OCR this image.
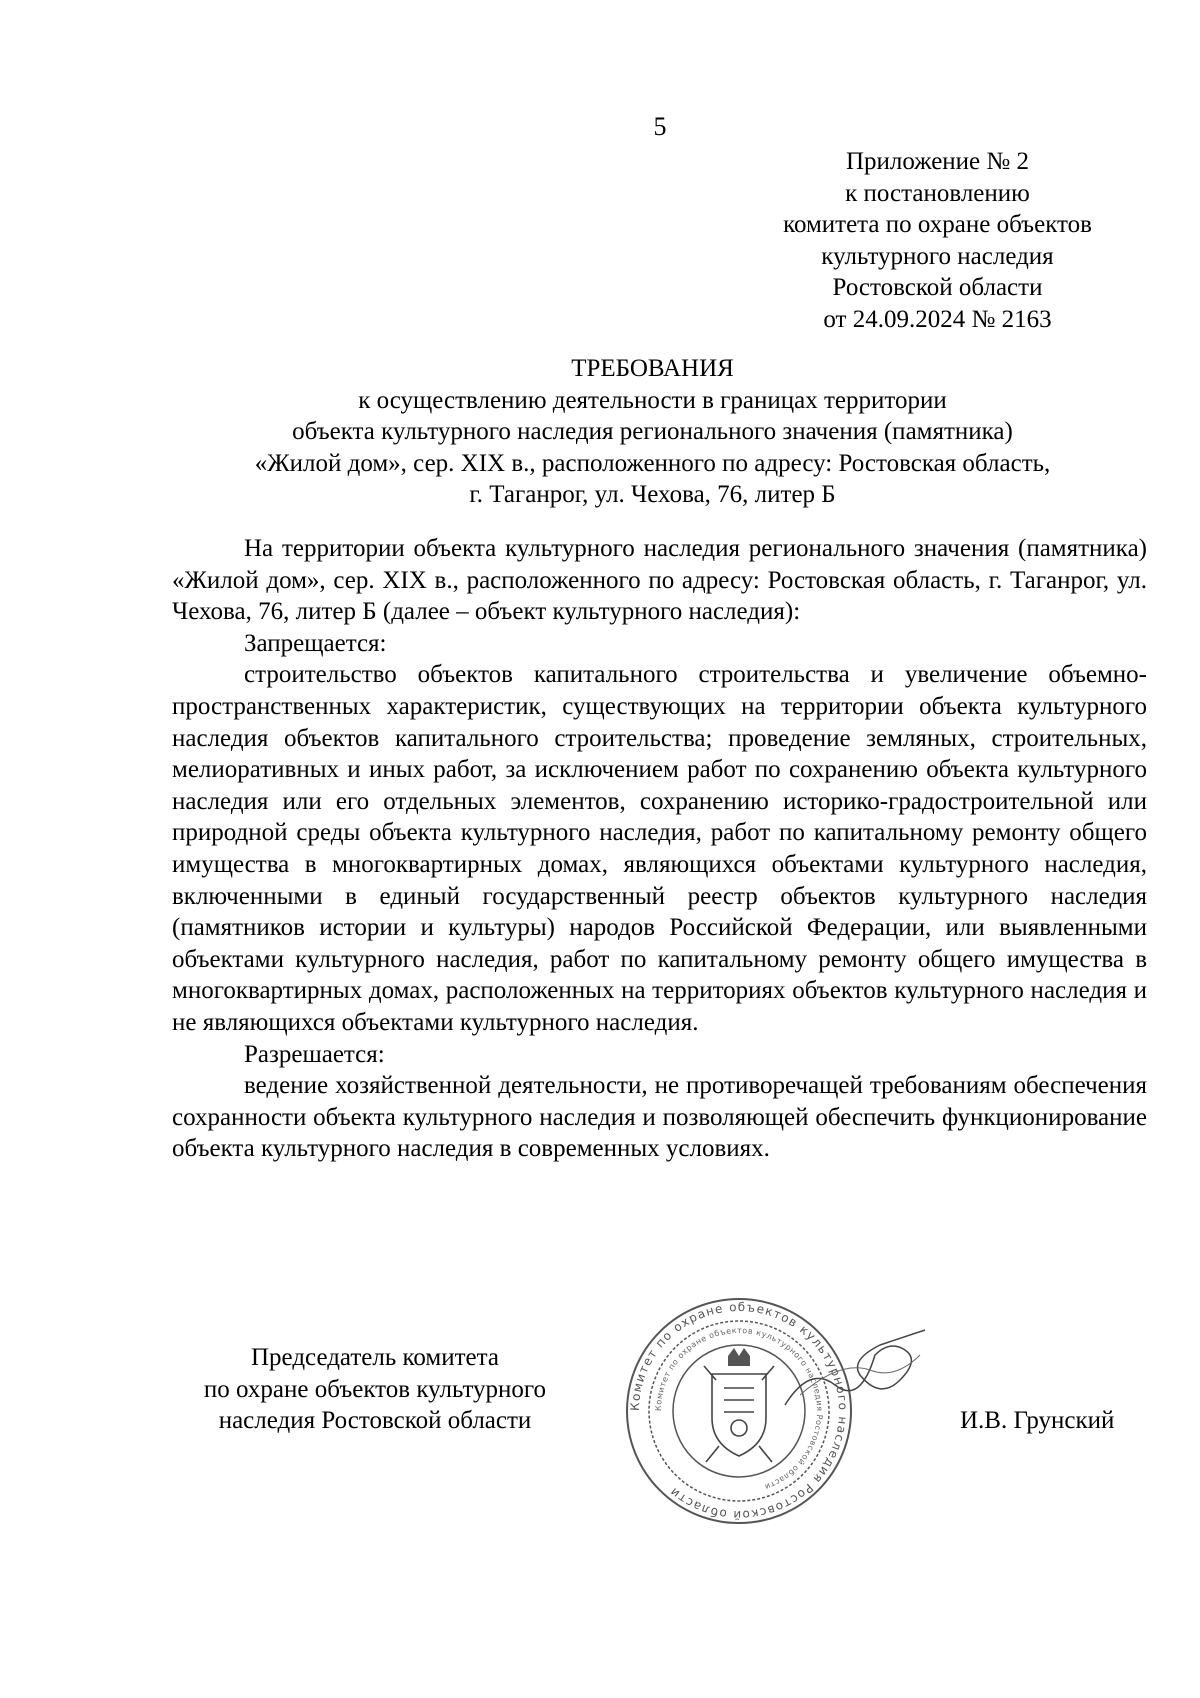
5
Приложение № 2
к постановлению
комитета по охране объектов
культурного наследия
Ростовской области
от 24.09.2024 № 2163
ТРЕБОВАНИЯ
к осуществлению деятельности в границах территории
объекта культурного наследия регионального значения (памятника)
«Жилой дом», сер. XIX в., расположенного по адресу: Ростовская область,
г. Таганрог, ул. Чехова, 76, литер Б

На территории объекта культурного наследия регионального значения (памятника) «Жилой дом», сер. XIX в., расположенного по адресу: Ростовская область, г. Таганрог, ул. Чехова, 76, литер Б (далее – объект культурного наследия):

Запрещается:

строительство объектов капитального строительства и увеличение объемно-пространственных характеристик, существующих на территории объекта культурного наследия объектов капитального строительства; проведение земляных, строительных, мелиоративных и иных работ, за исключением работ по сохранению объекта культурного наследия или его отдельных элементов, сохранению историко-градостроительной или природной среды объекта культурного наследия, работ по капитальному ремонту общего имущества в многоквартирных домах, являющихся объектами культурного наследия, включенными в единый государственный реестр объектов культурного наследия (памятников истории и культуры) народов Российской Федерации, или выявленными объектами культурного наследия, работ по капитальному ремонту общего имущества в многоквартирных домах, расположенных на территориях объектов культурного наследия и не являющихся объектами культурного наследия.

Разрешается:

ведение хозяйственной деятельности, не противоречащей требованиям обеспечения сохранности объекта культурного наследия и позволяющей обеспечить функционирование объекта культурного наследия в современных условиях.

Председатель комитета
по охране объектов культурного
наследия Ростовской области
Комитет по охране объектов культурного наследия Ростовской области
Комитет по охране объектов культурного наследия Ростовской области
И.В. Грунский
